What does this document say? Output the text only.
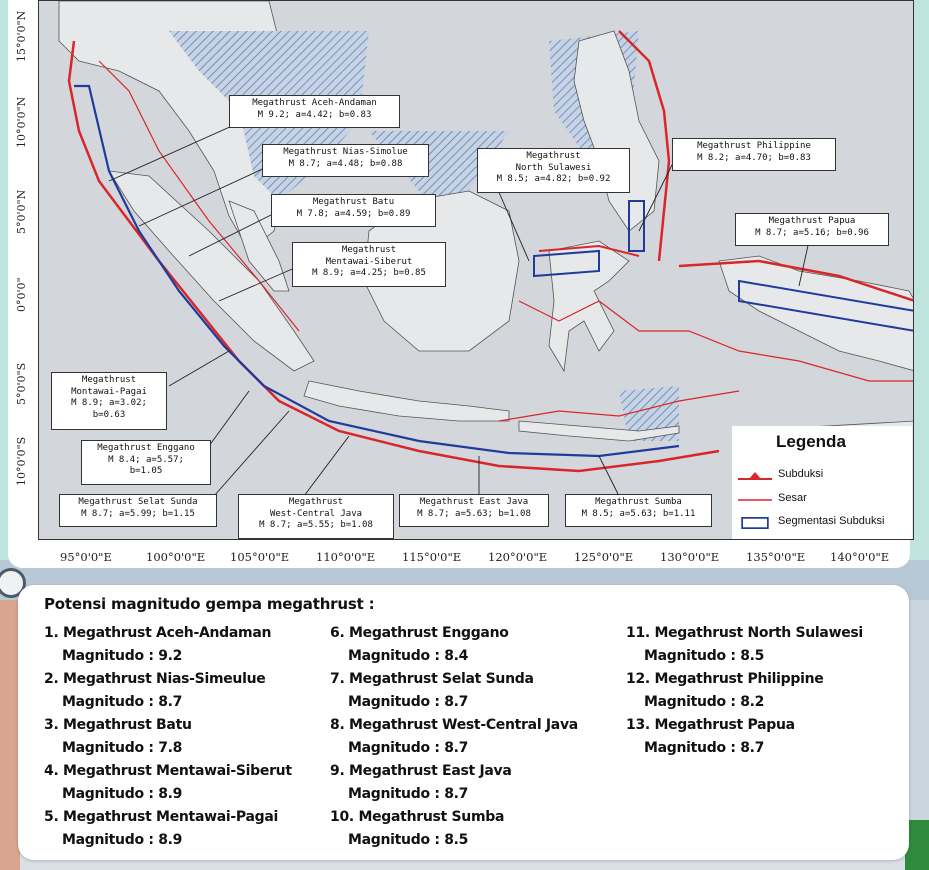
15°0'0"N
10°0'0"N
5°0'0"N
0°0'0"
5°0'0"S
10°0'0"S
Megathrust Aceh-Andaman
M 9.2; a=4.42; b=0.83
Megathrust Nias-Simolue
M 8.7; a=4.48; b=0.88
Megathrust Batu
M 7.8; a=4.59; b=0.89
Megathrust
Mentawai-Siberut
M 8.9; a=4.25; b=0.85
Megathrust
North Sulawesi
M 8.5; a=4.82; b=0.92
Megathrust Philippine
M 8.2; a=4.70; b=0.83
Megathrust Papua
M 8.7; a=5.16; b=0.96
Megathrust
Montawai-Pagai
M 8.9; a=3.02;
b=0.63
Megathrust Enggano
M 8.4; a=5.57;
b=1.05
Megathrust Selat Sunda
M 8.7; a=5.99; b=1.15
Megathrust
West-Central Java
M 8.7; a=5.55; b=1.08
Megathrust East Java
M 8.7; a=5.63; b=1.08
Megathrust Sumba
M 8.5; a=5.63; b=1.11
Legenda
Subduksi
Sesar
Segmentasi Subduksi
95°0'0"E	100°0'0"E 105°0'0"E 110°0'0"E 115°0'0"E 120°0'0"E 125°0'0"E 130°0'0"E 135°0'0"E 140°0'0"E
Potensi magnitudo gempa megathrust :
1. Megathrust Aceh-Andaman
Magnitudo : 9.2
2. Megathrust Nias-Simeulue
Magnitudo : 8.7
3. Megathrust Batu
Magnitudo : 7.8
4. Megathrust Mentawai-Siberut
Magnitudo : 8.9
5. Megathrust Mentawai-Pagai
Magnitudo : 8.9
6. Megathrust Enggano
Magnitudo : 8.4
7. Megathrust Selat Sunda
Magnitudo : 8.7
8. Megathrust West-Central Java
Magnitudo : 8.7
9. Megathrust East Java
Magnitudo : 8.7
10. Megathrust Sumba
Magnitudo : 8.5
11. Megathrust North Sulawesi
Magnitudo : 8.5
12. Megathrust Philippine
Magnitudo : 8.2
13. Megathrust Papua
Magnitudo : 8.7
